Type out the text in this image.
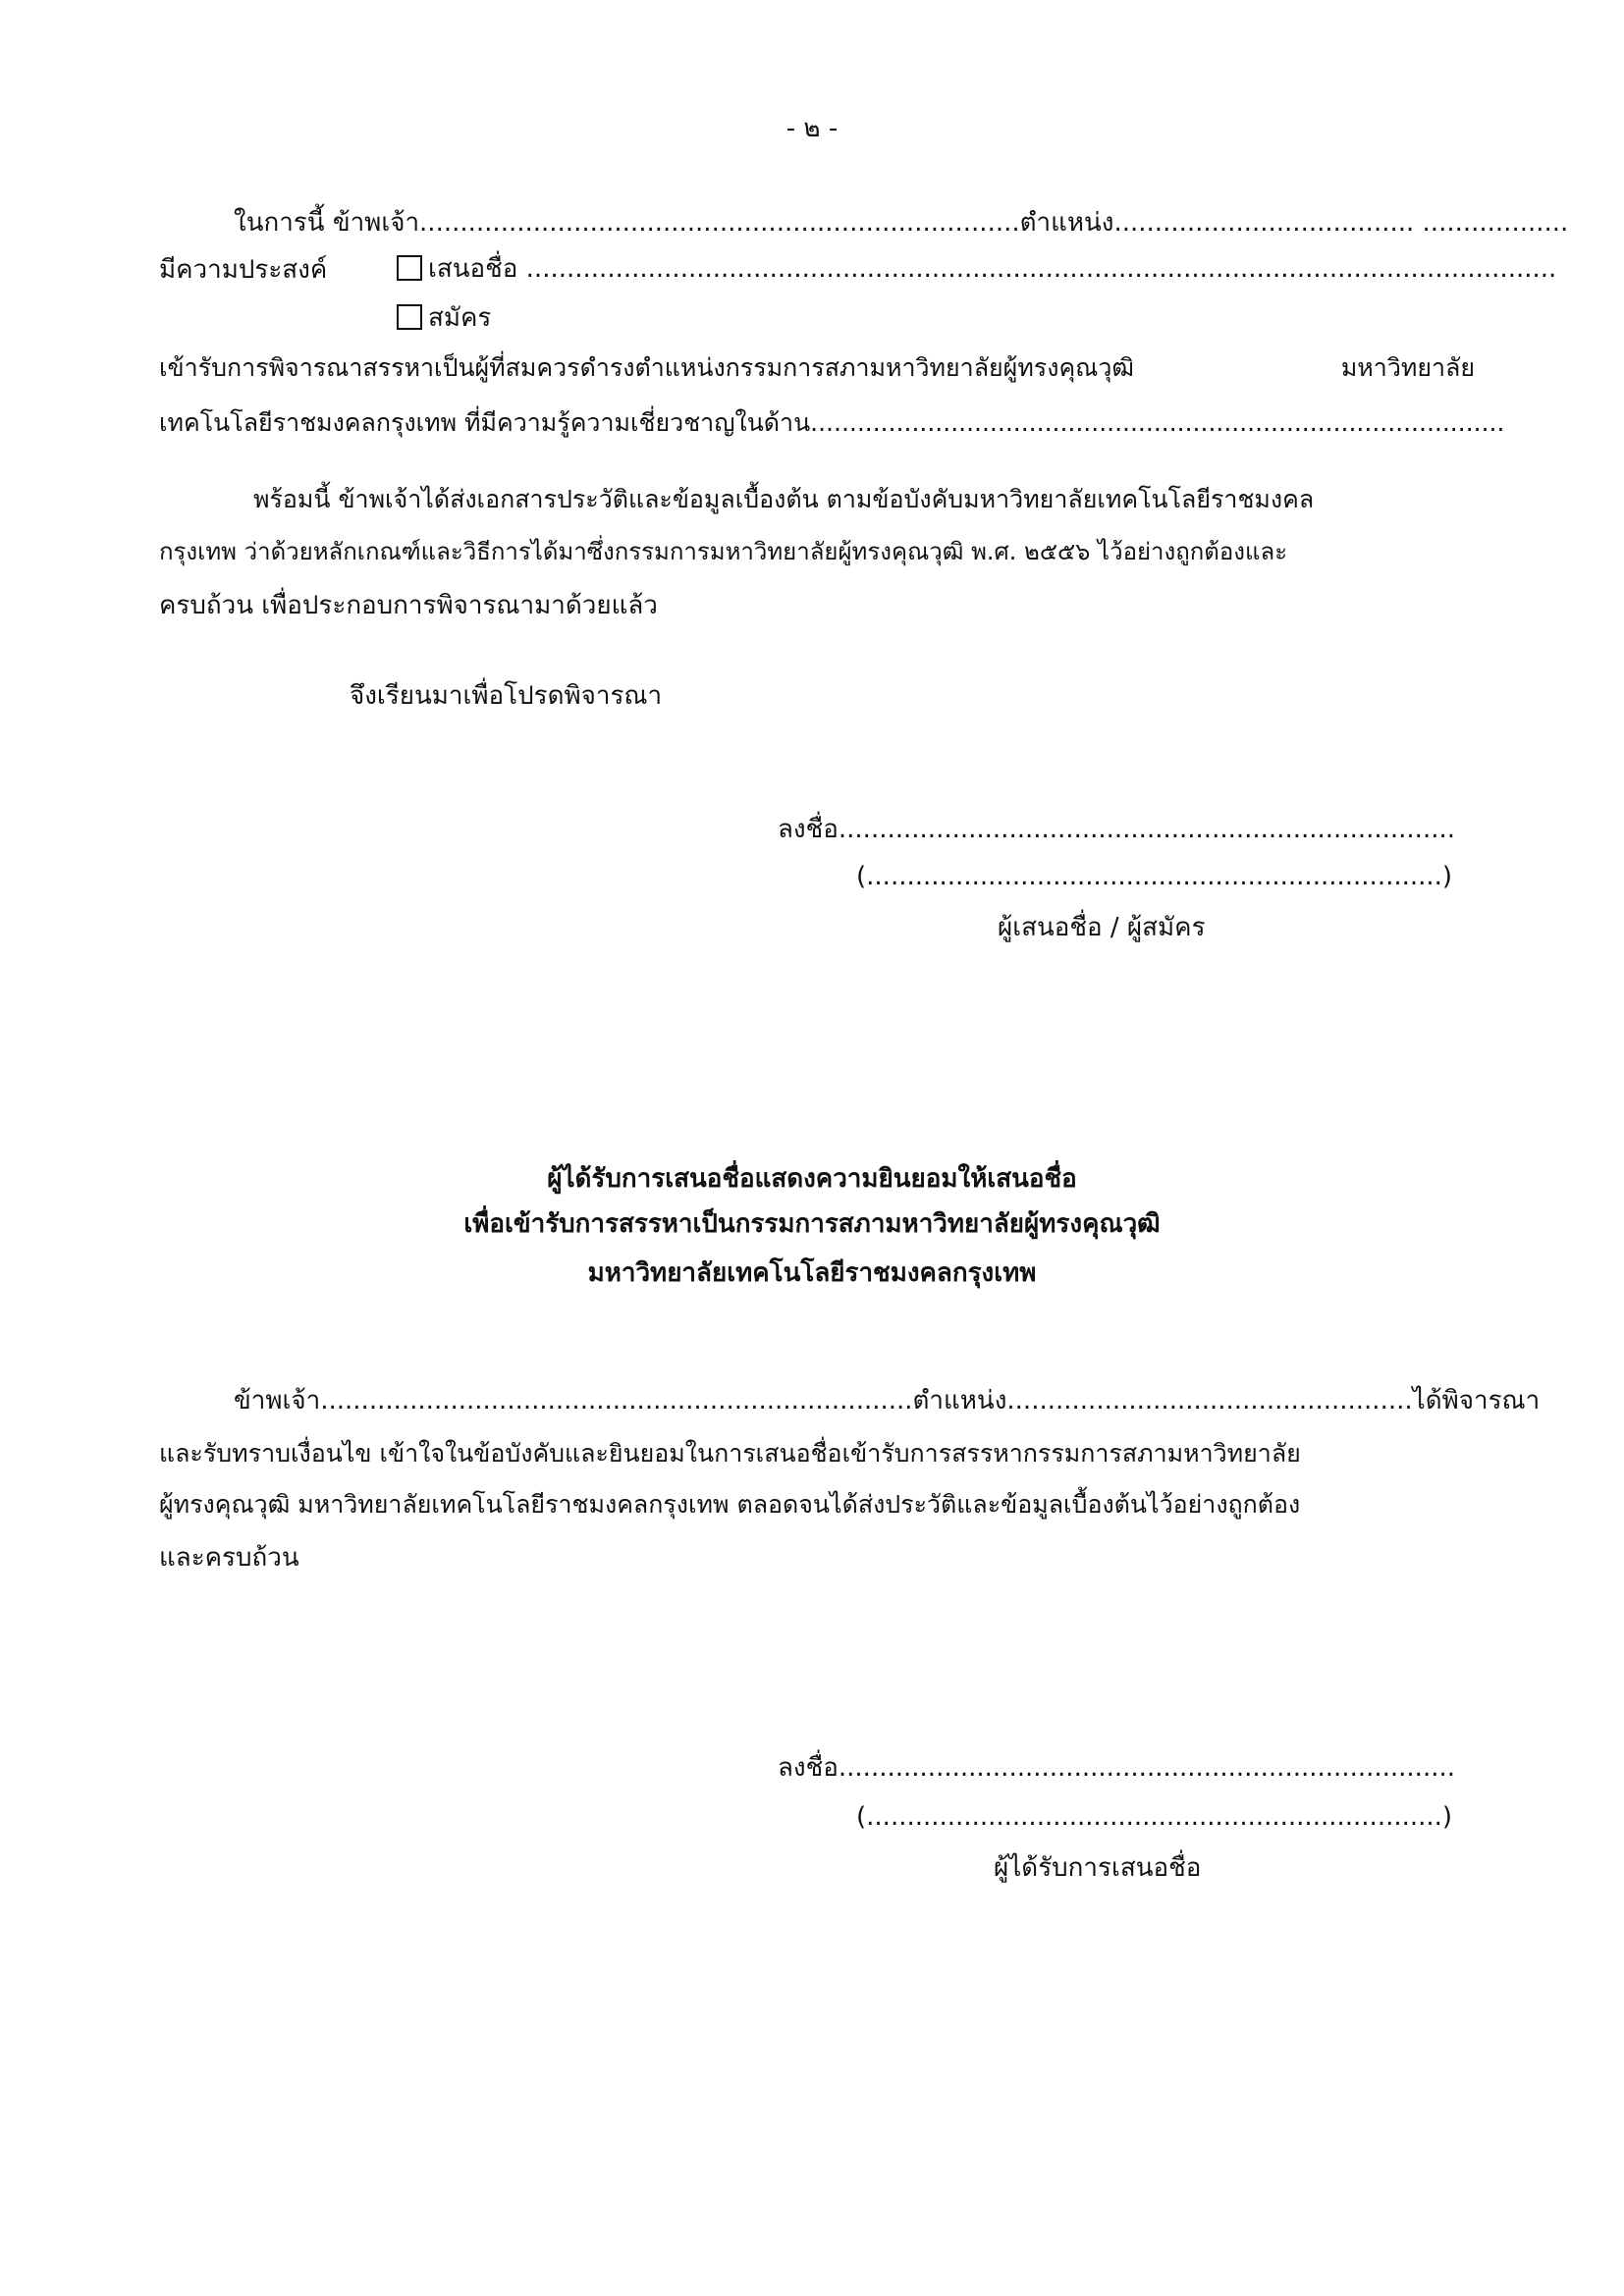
- ๒ -
ในการนี้ ข้าพเจ้า..........................................................................ตำแหน่ง..................................... ..................
มีความประสงค์	เสนอชื่อ ...............................................................................................................................
สมัคร
เข้ารับการพิจารณาสรรหาเป็นผู้ที่สมควรดำรงตำแหน่งกรรมการสภามหาวิทยาลัยผู้ทรงคุณวุฒิ มหาวิทยาลัย
เทคโนโลยีราชมงคลกรุงเทพ ที่มีความรู้ความเชี่ยวชาญในด้าน.........................................................................................
พร้อมนี้ ข้าพเจ้าได้ส่งเอกสารประวัติและข้อมูลเบื้องต้น ตามข้อบังคับมหาวิทยาลัยเทคโนโลยีราชมงคล
กรุงเทพ ว่าด้วยหลักเกณฑ์และวิธีการได้มาซึ่งกรรมการมหาวิทยาลัยผู้ทรงคุณวุฒิ พ.ศ. ๒๕๕๖ ไว้อย่างถูกต้องและ
ครบถ้วน เพื่อประกอบการพิจารณามาด้วยแล้ว
จึงเรียนมาเพื่อโปรดพิจารณา
ลงชื่อ............................................................................
(.......................................................................)
ผู้เสนอชื่อ / ผู้สมัคร
ผู้ได้รับการเสนอชื่อแสดงความยินยอมให้เสนอชื่อ
เพื่อเข้ารับการสรรหาเป็นกรรมการสภามหาวิทยาลัยผู้ทรงคุณวุฒิ
มหาวิทยาลัยเทคโนโลยีราชมงคลกรุงเทพ
ข้าพเจ้า.........................................................................ตำแหน่ง..................................................ได้พิจารณา
และรับทราบเงื่อนไข เข้าใจในข้อบังคับและยินยอมในการเสนอชื่อเข้ารับการสรรหากรรมการสภามหาวิทยาลัย
ผู้ทรงคุณวุฒิ มหาวิทยาลัยเทคโนโลยีราชมงคลกรุงเทพ ตลอดจนได้ส่งประวัติและข้อมูลเบื้องต้นไว้อย่างถูกต้อง
และครบถ้วน
ลงชื่อ............................................................................
(.......................................................................)
ผู้ได้รับการเสนอชื่อ
